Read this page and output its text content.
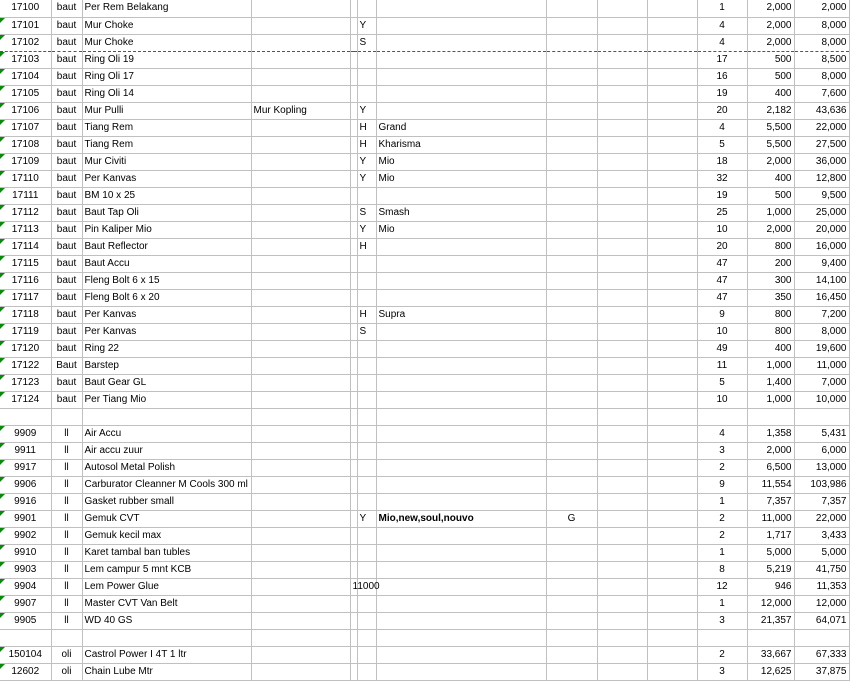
17100	baut	Per Rem Belakang								1	2,000	2,000
17101	baut	Mur Choke			Y					4	2,000	8,000
17102	baut	Mur Choke			S					4	2,000	8,000
17103	baut	Ring Oli 19								17	500	8,500
17104	baut	Ring Oli 17								16	500	8,000
17105	baut	Ring Oli 14								19	400	7,600
17106	baut	Mur Pulli	Mur Kopling		Y					20	2,182	43,636
17107	baut	Tiang Rem			H	Grand				4	5,500	22,000
17108	baut	Tiang Rem			H	Kharisma				5	5,500	27,500
17109	baut	Mur Civiti			Y	Mio				18	2,000	36,000
17110	baut	Per Kanvas			Y	Mio				32	400	12,800
17111	baut	BM 10 x 25								19	500	9,500
17112	baut	Baut Tap Oli			S	Smash				25	1,000	25,000
17113	baut	Pin Kaliper Mio			Y	Mio				10	2,000	20,000
17114	baut	Baut Reflector			H					20	800	16,000
17115	baut	Baut Accu								47	200	9,400
17116	baut	Fleng Bolt 6 x 15								47	300	14,100
17117	baut	Fleng Bolt 6 x 20								47	350	16,450
17118	baut	Per Kanvas			H	Supra				9	800	7,200
17119	baut	Per Kanvas			S					10	800	8,000
17120	baut	Ring 22								49	400	19,600
17122	Baut	Barstep								11	1,000	11,000
17123	baut	Baut Gear GL								5	1,400	7,000
17124	baut	Per Tiang Mio								10	1,000	10,000

9909	ll	Air Accu								4	1,358	5,431
9911	ll	Air accu zuur								3	2,000	6,000
9917	ll	Autosol Metal Polish								2	6,500	13,000
9906	ll	Carburator Cleanner M Cools 300 ml								9	11,554	103,986
9916	ll	Gasket rubber small								1	7,357	7,357
9901	ll	Gemuk CVT			Y	Mio,new,soul,nouvo	G			2	11,000	22,000
9902	ll	Gemuk kecil max								2	1,717	3,433
9910	ll	Karet tambal ban tubles								1	5,000	5,000
9903	ll	Lem campur 5 mnt KCB								8	5,219	41,750
9904	ll	Lem Power Glue		11000						12	946	11,353
9907	ll	Master CVT Van Belt								1	12,000	12,000
9905	ll	WD 40 GS								3	21,357	64,071

150104	oli	Castrol Power I 4T 1 ltr								2	33,667	67,333
12602	oli	Chain Lube Mtr								3	12,625	37,875
